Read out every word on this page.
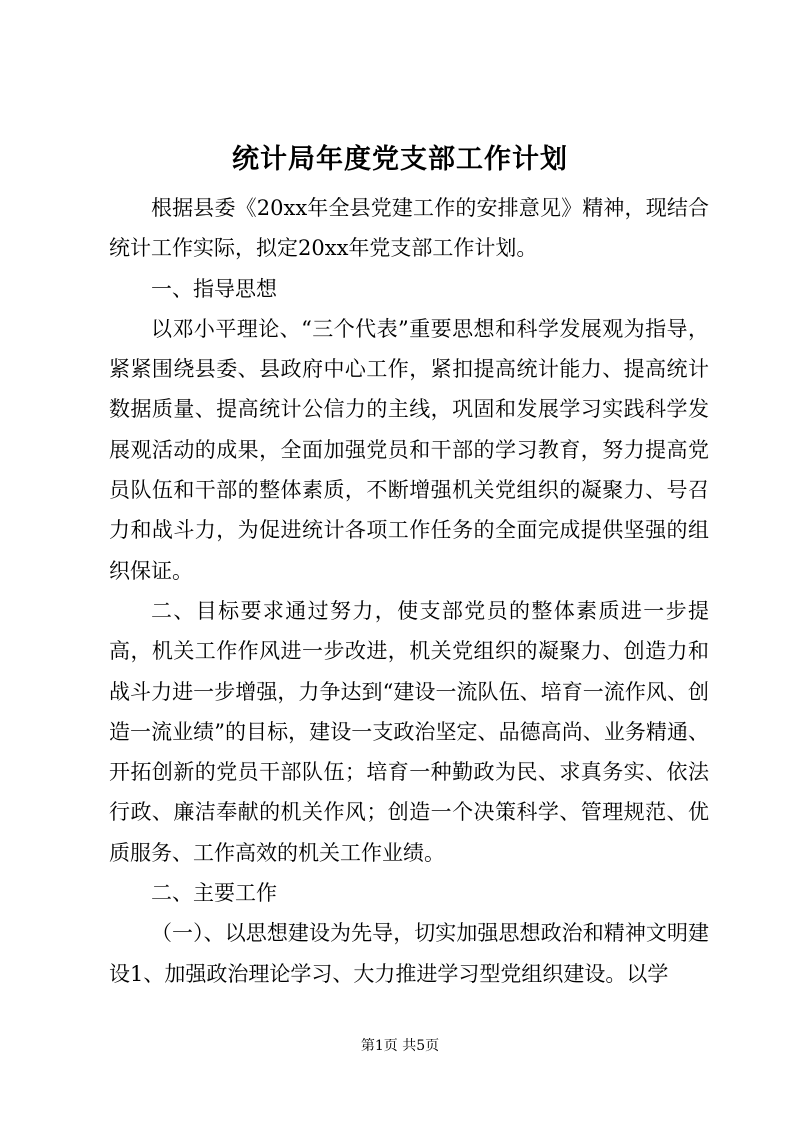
统计局年度党支部工作计划

根据县委《20xx年全县党建工作的安排意见》精神，现结合统计工作实际，拟定20xx年党支部工作计划。

一、指导思想

以邓小平理论、“三个代表”重要思想和科学发展观为指导，紧紧围绕县委、县政府中心工作，紧扣提高统计能力、提高统计数据质量、提高统计公信力的主线，巩固和发展学习实践科学发展观活动的成果，全面加强党员和干部的学习教育，努力提高党员队伍和干部的整体素质，不断增强机关党组织的凝聚力、号召力和战斗力，为促进统计各项工作任务的全面完成提供坚强的组织保证。

二、目标要求通过努力，使支部党员的整体素质进一步提高，机关工作作风进一步改进，机关党组织的凝聚力、创造力和战斗力进一步增强，力争达到“建设一流队伍、培育一流作风、创造一流业绩”的目标，建设一支政治坚定、品德高尚、业务精通、开拓创新的党员干部队伍；培育一种勤政为民、求真务实、依法行政、廉洁奉献的机关作风；创造一个决策科学、管理规范、优质服务、工作高效的机关工作业绩。

二、主要工作

（一）、以思想建设为先导，切实加强思想政治和精神文明建设1、加强政治理论学习、大力推进学习型党组织建设。以学

第1页 共5页
